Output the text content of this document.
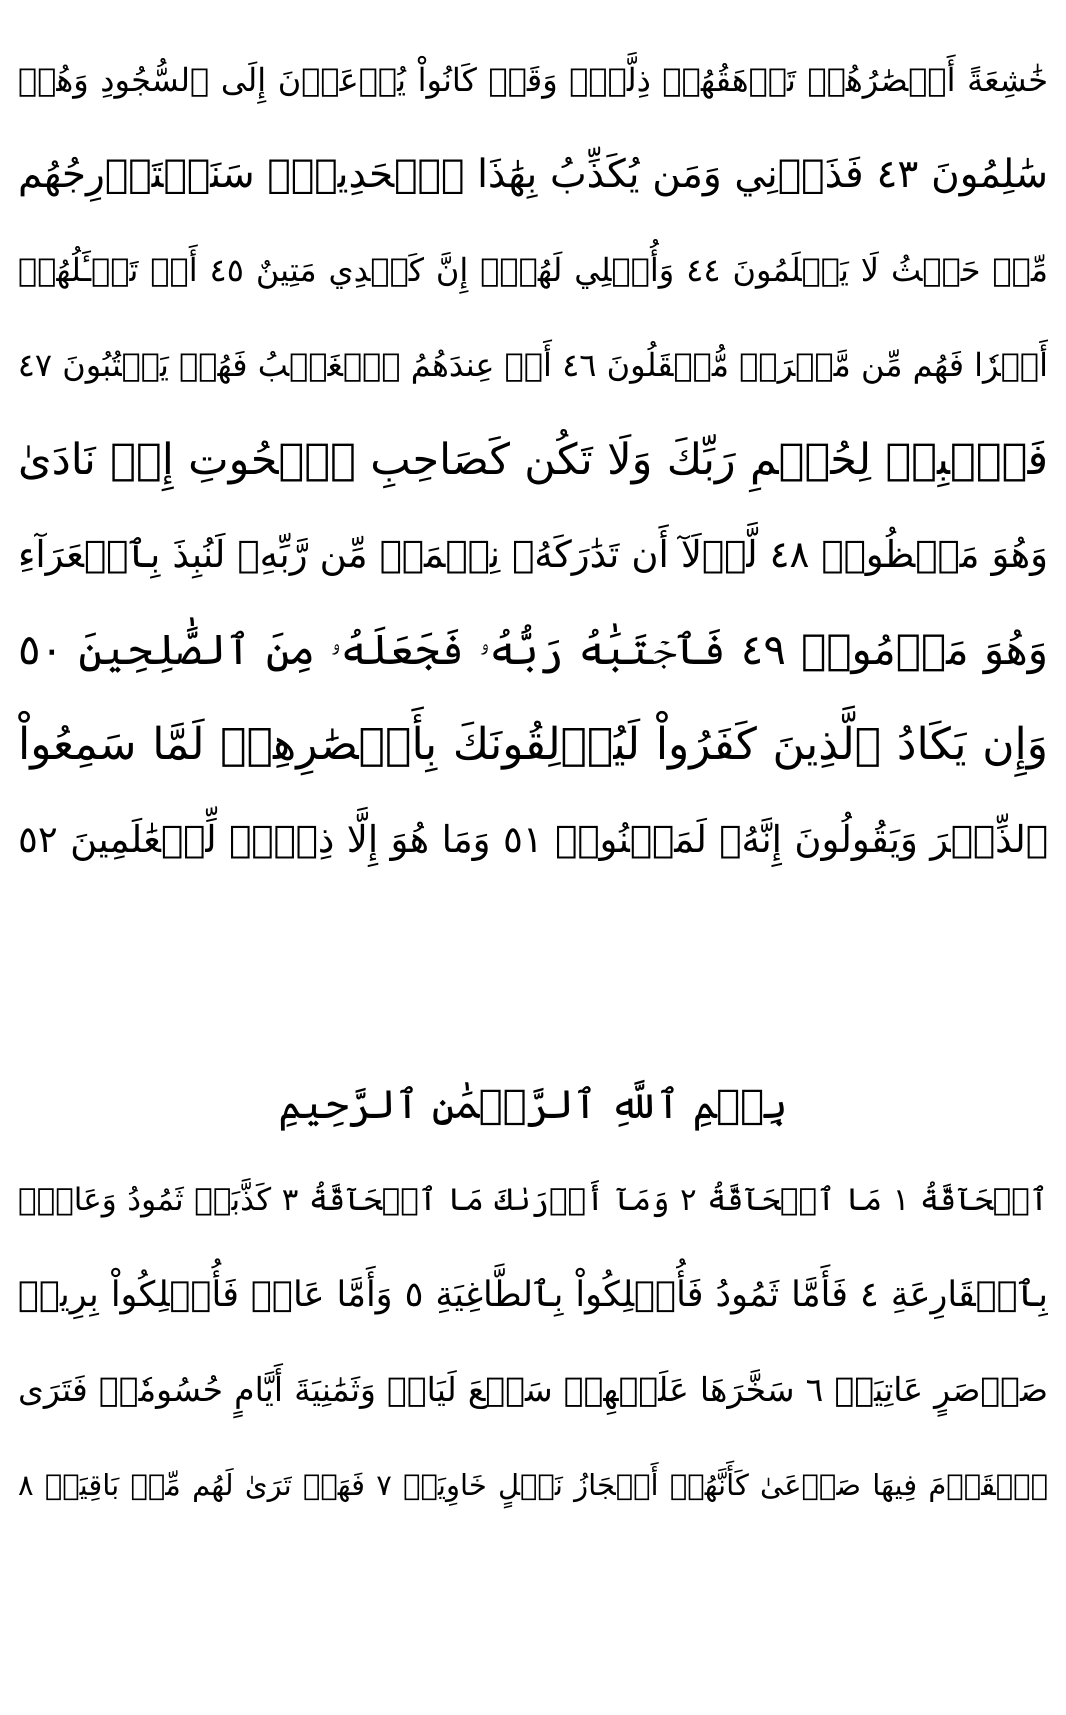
خَٰشِعَةً أَبۡصَٰرُهُمۡ تَرۡهَقُهُمۡ ذِلَّةٞۖ وَقَدۡ كَانُواْ يُدۡعَوۡنَ إِلَى ٱلسُّجُودِ وَهُمۡ
سَٰلِمُونَ ٤٣ فَذَرۡنِي وَمَن يُكَذِّبُ بِهَٰذَا ٱلۡحَدِيثِۖ سَنَسۡتَدۡرِجُهُم
مِّنۡ حَيۡثُ لَا يَعۡلَمُونَ ٤٤ وَأُمۡلِي لَهُمۡۚ إِنَّ كَيۡدِي مَتِينٌ ٤٥ أَمۡ تَسۡـَٔلُهُمۡ
أَجۡرٗا فَهُم مِّن مَّغۡرَمٖ مُّثۡقَلُونَ ٤٦ أَمۡ عِندَهُمُ ٱلۡغَيۡبُ فَهُمۡ يَكۡتُبُونَ ٤٧
فَٱصۡبِرۡ لِحُكۡمِ رَبِّكَ وَلَا تَكُن كَصَاحِبِ ٱلۡحُوتِ إِذۡ نَادَىٰ
وَهُوَ مَكۡظُومٞ ٤٨ لَّوۡلَآ أَن تَدَٰرَكَهُۥ نِعۡمَةٞ مِّن رَّبِّهِۦ لَنُبِذَ بِٱلۡعَرَآءِ
وَهُوَ مَذۡمُومٞ ٤٩ فَٱجۡتَبَٰهُ رَبُّهُۥ فَجَعَلَهُۥ مِنَ ٱلصَّٰلِحِينَ ٥٠
وَإِن يَكَادُ ٱلَّذِينَ كَفَرُواْ لَيُزۡلِقُونَكَ بِأَبۡصَٰرِهِمۡ لَمَّا سَمِعُواْ
ٱلذِّكۡرَ وَيَقُولُونَ إِنَّهُۥ لَمَجۡنُونٞ ٥١ وَمَا هُوَ إِلَّا ذِكۡرٞ لِّلۡعَٰلَمِينَ ٥٢
بِسۡمِ ٱللَّهِ ٱلرَّحۡمَٰنِ ٱلرَّحِيمِ
ٱلۡحَآقَّةُ ١ مَا ٱلۡحَآقَّةُ ٢ وَمَآ أَدۡرَىٰكَ مَا ٱلۡحَآقَّةُ ٣ كَذَّبَتۡ ثَمُودُ وَعَادُۢ
بِٱلۡقَارِعَةِ ٤ فَأَمَّا ثَمُودُ فَأُهۡلِكُواْ بِٱلطَّاغِيَةِ ٥ وَأَمَّا عَادٞ فَأُهۡلِكُواْ بِرِيحٖ
صَرۡصَرٍ عَاتِيَةٖ ٦ سَخَّرَهَا عَلَيۡهِمۡ سَبۡعَ لَيَالٖ وَثَمَٰنِيَةَ أَيَّامٍ حُسُومٗاۖ فَتَرَى
ٱلۡقَوۡمَ فِيهَا صَرۡعَىٰ كَأَنَّهُمۡ أَعۡجَازُ نَخۡلٍ خَاوِيَةٖ ٧ فَهَلۡ تَرَىٰ لَهُم مِّنۢ بَاقِيَةٖ ٨
